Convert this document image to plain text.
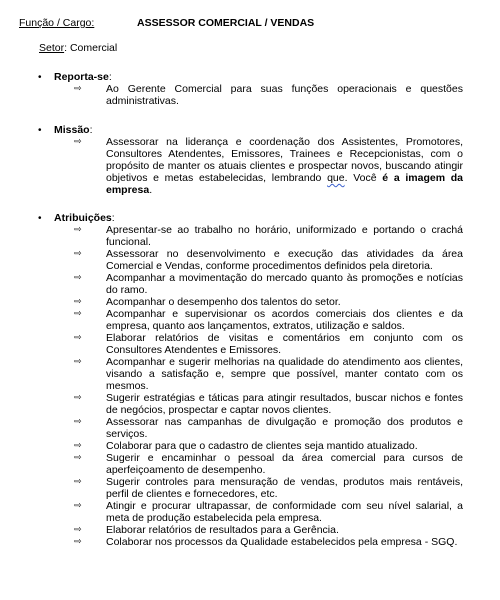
Função / Cargo:	ASSESSOR COMERCIAL / VENDAS
Setor: Comercial
• Reporta-se:
⇨	Ao Gerente Comercial para suas funções operacionais e questões administrativas.
• Missão:
⇨	Assessorar na liderança e coordenação dos Assistentes, Promotores, Consultores Atendentes, Emissores, Trainees e Recepcionistas, com o propósito de manter os atuais clientes e prospectar novos, buscando atingir objetivos e metas estabelecidas, lembrando que. Você é a imagem da empresa.
• Atribuições:
⇨	Apresentar-se ao trabalho no horário, uniformizado e portando o crachá funcional.
⇨	Assessorar no desenvolvimento e execução das atividades da área Comercial e Vendas, conforme procedimentos definidos pela diretoria.
⇨	Acompanhar a movimentação do mercado quanto às promoções e notícias do ramo.
⇨	Acompanhar o desempenho dos talentos do setor.
⇨	Acompanhar e supervisionar os acordos comerciais dos clientes e da empresa, quanto aos lançamentos, extratos, utilização e saldos.
⇨	Elaborar relatórios de visitas e comentários em conjunto com os Consultores Atendentes e Emissores.
⇨	Acompanhar e sugerir melhorias na qualidade do atendimento aos clientes, visando a satisfação e, sempre que possível, manter contato com os mesmos.
⇨	Sugerir estratégias e táticas para atingir resultados, buscar nichos e fontes de negócios, prospectar e captar novos clientes.
⇨	Assessorar nas campanhas de divulgação e promoção dos produtos e serviços.
⇨	Colaborar para que o cadastro de clientes seja mantido atualizado.
⇨	Sugerir e encaminhar o pessoal da área comercial para cursos de aperfeiçoamento de desempenho.
⇨	Sugerir controles para mensuração de vendas, produtos mais rentáveis, perfil de clientes e fornecedores, etc.
⇨	Atingir e procurar ultrapassar, de conformidade com seu nível salarial, a meta de produção estabelecida pela empresa.
⇨	Elaborar relatórios de resultados para a Gerência.
⇨	Colaborar nos processos da Qualidade estabelecidos pela empresa - SGQ.
